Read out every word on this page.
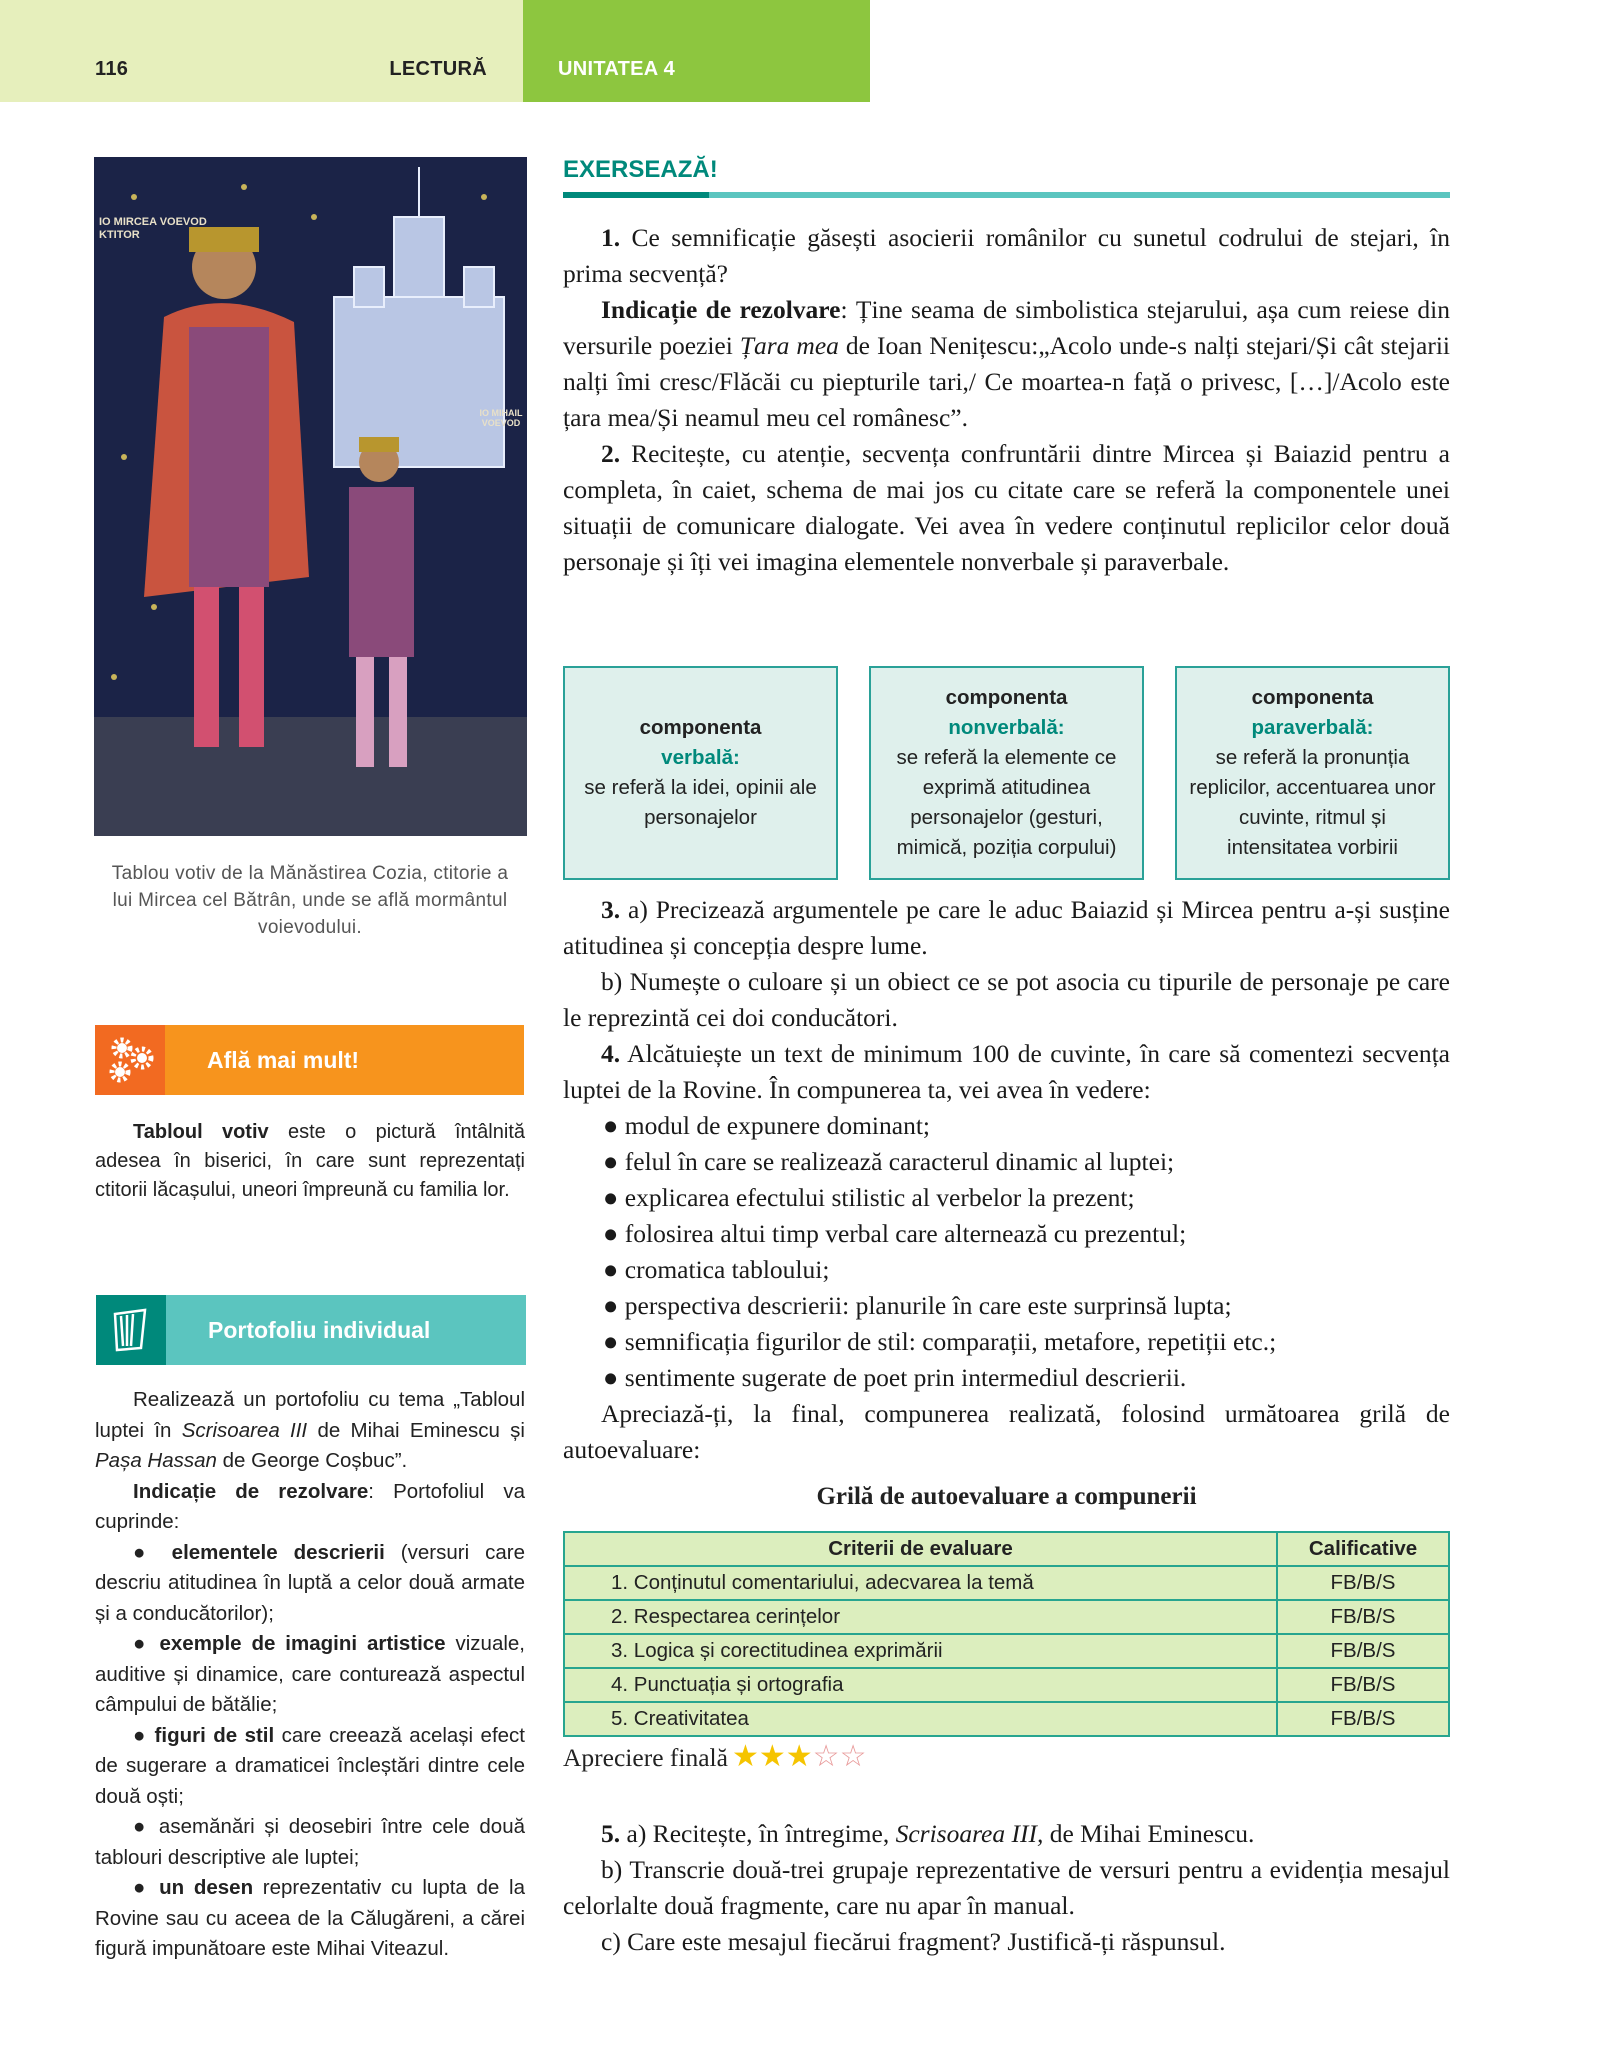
116	LECTURĂ	UNITATEA 4
IO MIRCEA VOEVOD KTITOR
IO MIHAIL VOEVOD
Tablou votiv de la Mănăstirea Cozia, ctitorie a lui Mircea cel Bătrân, unde se află mormântul voievodului.
Află mai mult!

Tabloul votiv este o pictură întâlnită adesea în biserici, în care sunt reprezentați ctitorii lăcașului, uneori împreună cu familia lor.

Portofoliu individual

Realizează un portofoliu cu tema „Tabloul luptei în Scrisoarea III de Mihai Eminescu și Pașa Hassan de George Coșbuc”.

Indicație de rezolvare: Portofoliul va cuprinde:

● elementele descrierii (versuri care descriu atitudinea în luptă a celor două armate și a conducătorilor);

● exemple de imagini artistice vizuale, auditive și dinamice, care conturează aspectul câmpului de bătălie;

● figuri de stil care creează același efect de sugerare a dramaticei încleștări dintre cele două oști;

● asemănări și deosebiri între cele două tablouri descriptive ale luptei;

● un desen reprezentativ cu lupta de la Rovine sau cu aceea de la Călugăreni, a cărei figură impunătoare este Mihai Viteazul.

EXERSEAZĂ!

1. Ce semnificație găsești asocierii românilor cu sunetul codrului de stejari, în prima secvență?

Indicație de rezolvare: Ține seama de simbolistica stejarului, așa cum reiese din versurile poeziei Țara mea de Ioan Nenițescu:„Acolo unde-s nalți stejari/Și cât stejarii nalți îmi cresc/Flăcăi cu piepturile tari,/ Ce moartea-n față o privesc, […]/Acolo este țara mea/Și neamul meu cel românesc”.

2. Recitește, cu atenție, secvența confruntării dintre Mircea și Baiazid pentru a completa, în caiet, schema de mai jos cu citate care se referă la componentele unei situații de comunicare dialogate. Vei avea în vedere conținutul replicilor celor două personaje și îți vei imagina elementele nonverbale și paraverbale.

componenta
verbală:
se referă la idei, opinii ale personajelor
componenta
nonverbală:
se referă la elemente ce exprimă atitudinea personajelor (gesturi, mimică, poziția corpului)
componenta
paraverbală:
se referă la pronunția replicilor, accentuarea unor cuvinte, ritmul și intensitatea vorbirii

3. a) Precizează argumentele pe care le aduc Baiazid și Mircea pentru a-și susține atitudinea și concepția despre lume.

b) Numește o culoare și un obiect ce se pot asocia cu tipurile de personaje pe care le reprezintă cei doi conducători.

4. Alcătuiește un text de minimum 100 de cuvinte, în care să comentezi secvența luptei de la Rovine. În compunerea ta, vei avea în vedere:

● modul de expunere dominant;

● felul în care se realizează caracterul dinamic al luptei;

● explicarea efectului stilistic al verbelor la prezent;

● folosirea altui timp verbal care alternează cu prezentul;

● cromatica tabloului;

● perspectiva descrierii: planurile în care este surprinsă lupta;

● semnificația figurilor de stil: comparații, metafore, repetiții etc.;

● sentimente sugerate de poet prin intermediul descrierii.

Apreciază-ți, la final, compunerea realizată, folosind următoarea grilă de autoevaluare:

Grilă de autoevaluare a compunerii
Criterii de evaluare	Calificative
1. Conținutul comentariului, adecvarea la temă	FB/B/S
2. Respectarea cerințelor	FB/B/S
3. Logica și corectitudinea exprimării	FB/B/S
4. Punctuația și ortografia	FB/B/S
5. Creativitatea	FB/B/S
Apreciere finală ★★★☆☆

5. a) Recitește, în întregime, Scrisoarea III, de Mihai Eminescu.

b) Transcrie două-trei grupaje reprezentative de versuri pentru a evidenția mesajul celorlalte două fragmente, care nu apar în manual.

c) Care este mesajul fiecărui fragment? Justifică-ți răspunsul.
